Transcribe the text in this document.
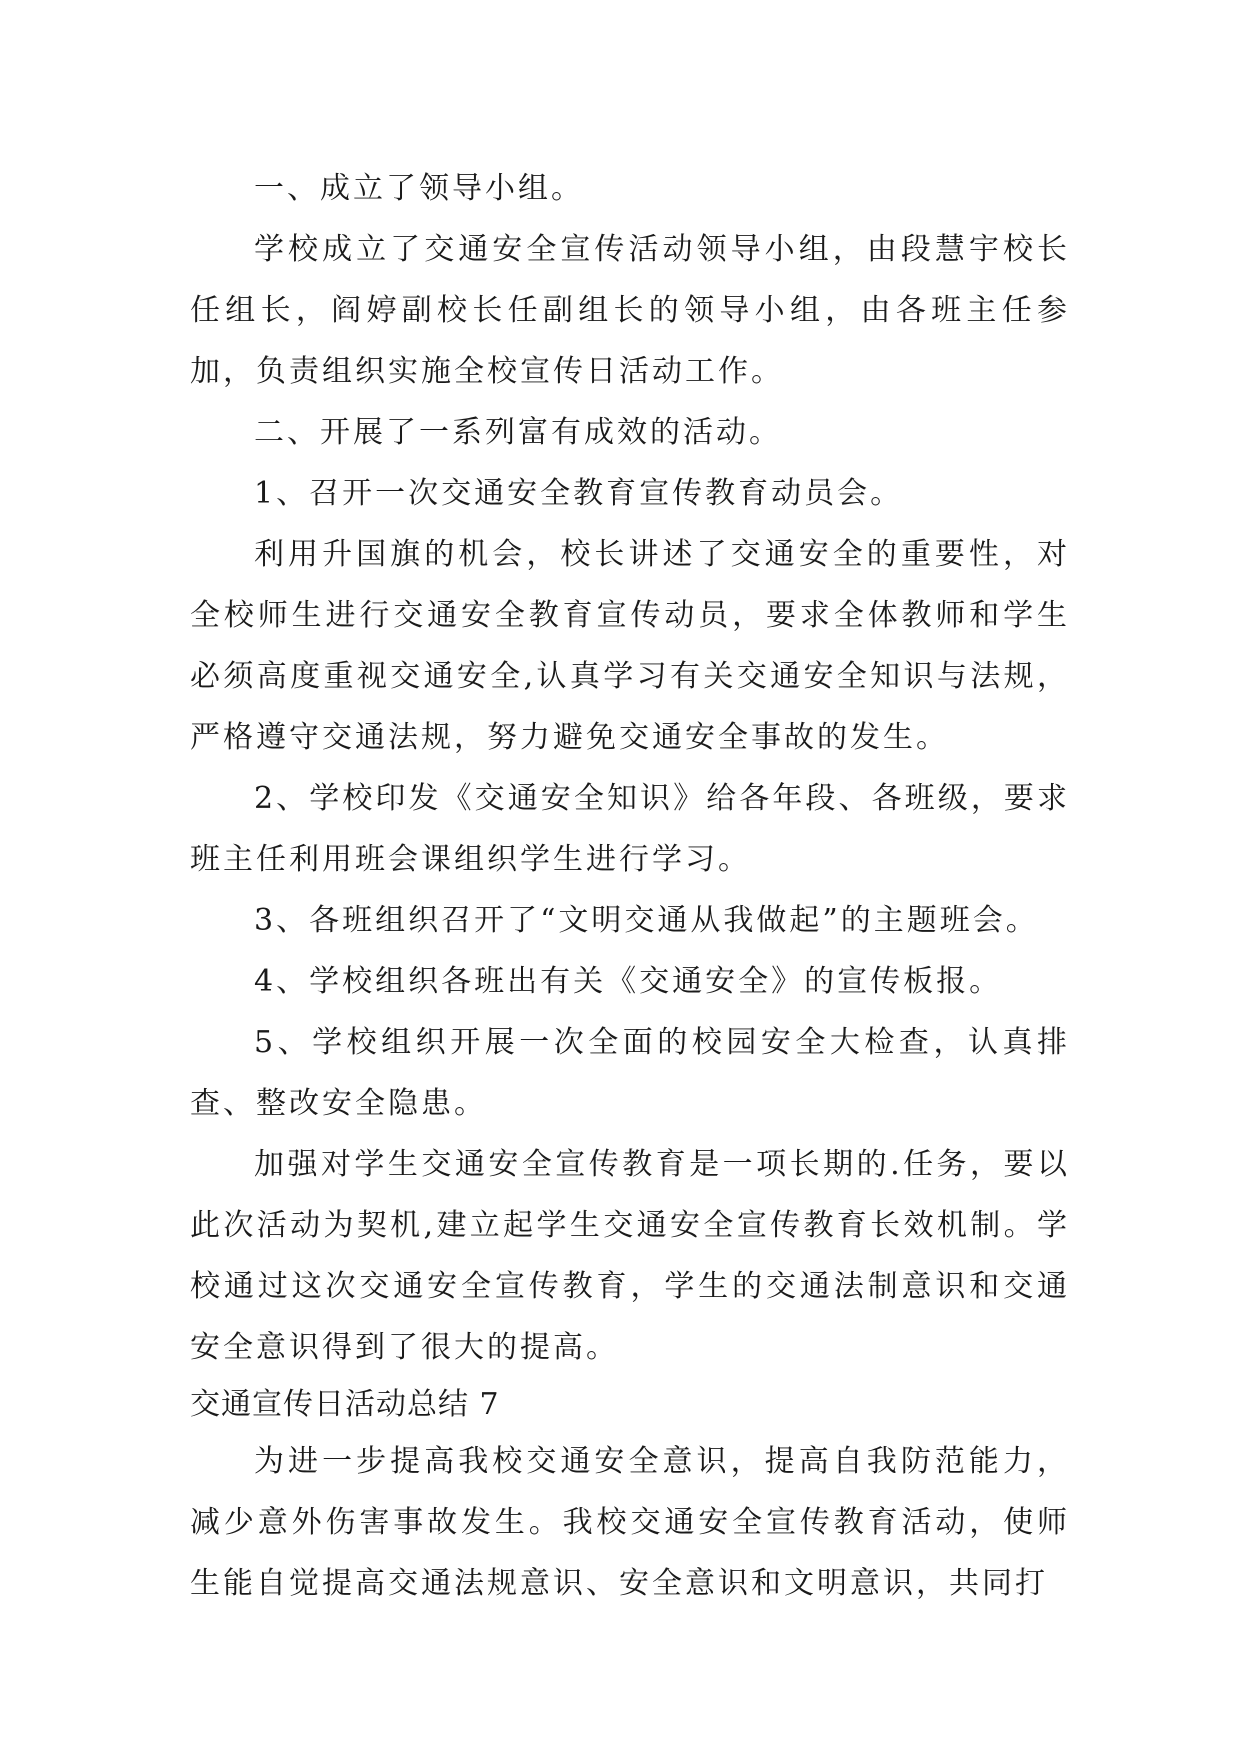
一、成立了领导小组。

学校成立了交通安全宣传活动领导小组，由段慧宇校长任组长，阎婷副校长任副组长的领导小组，由各班主任参加，负责组织实施全校宣传日活动工作。

二、开展了一系列富有成效的活动。

1、召开一次交通安全教育宣传教育动员会。

利用升国旗的机会，校长讲述了交通安全的重要性，对全校师生进行交通安全教育宣传动员，要求全体教师和学生必须高度重视交通安全,认真学习有关交通安全知识与法规，严格遵守交通法规，努力避免交通安全事故的发生。

2、学校印发《交通安全知识》给各年段、各班级，要求班主任利用班会课组织学生进行学习。

3、各班组织召开了“文明交通从我做起”的主题班会。

4、学校组织各班出有关《交通安全》的宣传板报。

5、学校组织开展一次全面的校园安全大检查，认真排查、整改安全隐患。

加强对学生交通安全宣传教育是一项长期的.任务，要以此次活动为契机,建立起学生交通安全宣传教育长效机制。学校通过这次交通安全宣传教育，学生的交通法制意识和交通安全意识得到了很大的提高。

交通宣传日活动总结 7

为进一步提高我校交通安全意识，提高自我防范能力，减少意外伤害事故发生。我校交通安全宣传教育活动，使师生能自觉提高交通法规意识、安全意识和文明意识，共同打
